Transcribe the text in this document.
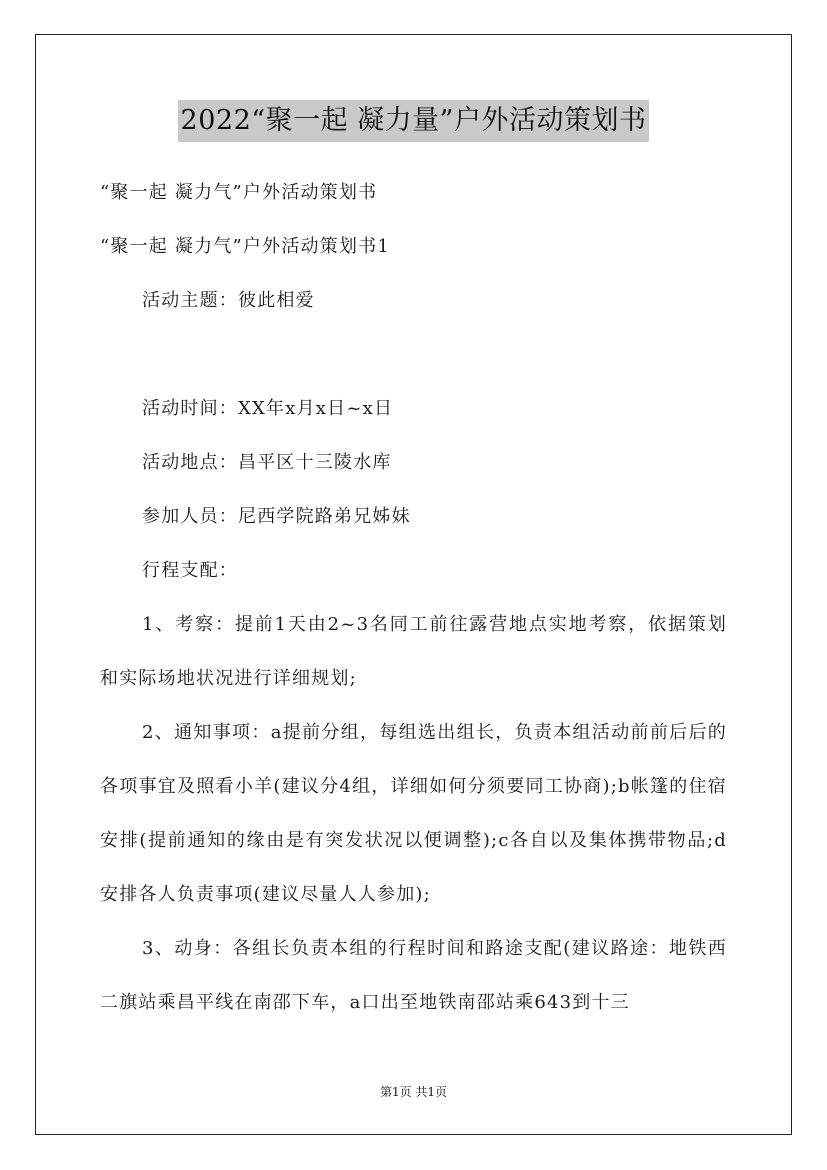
2022“聚一起 凝力量”户外活动策划书

“聚一起 凝力气”户外活动策划书

“聚一起 凝力气”户外活动策划书1

活动主题：彼此相爱

活动时间：XX年x月x日~x日

活动地点：昌平区十三陵水库

参加人员：尼西学院路弟兄姊妹

行程支配：

1、考察：提前1天由2~3名同工前往露营地点实地考察，依据策划和实际场地状况进行详细规划;

2、通知事项：a提前分组，每组选出组长，负责本组活动前前后后的各项事宜及照看小羊(建议分4组，详细如何分须要同工协商);b帐篷的住宿安排(提前通知的缘由是有突发状况以便调整);c各自以及集体携带物品;d安排各人负责事项(建议尽量人人参加);

3、动身：各组长负责本组的行程时间和路途支配(建议路途：地铁西二旗站乘昌平线在南邵下车，a口出至地铁南邵站乘643到十三

第1页 共1页
